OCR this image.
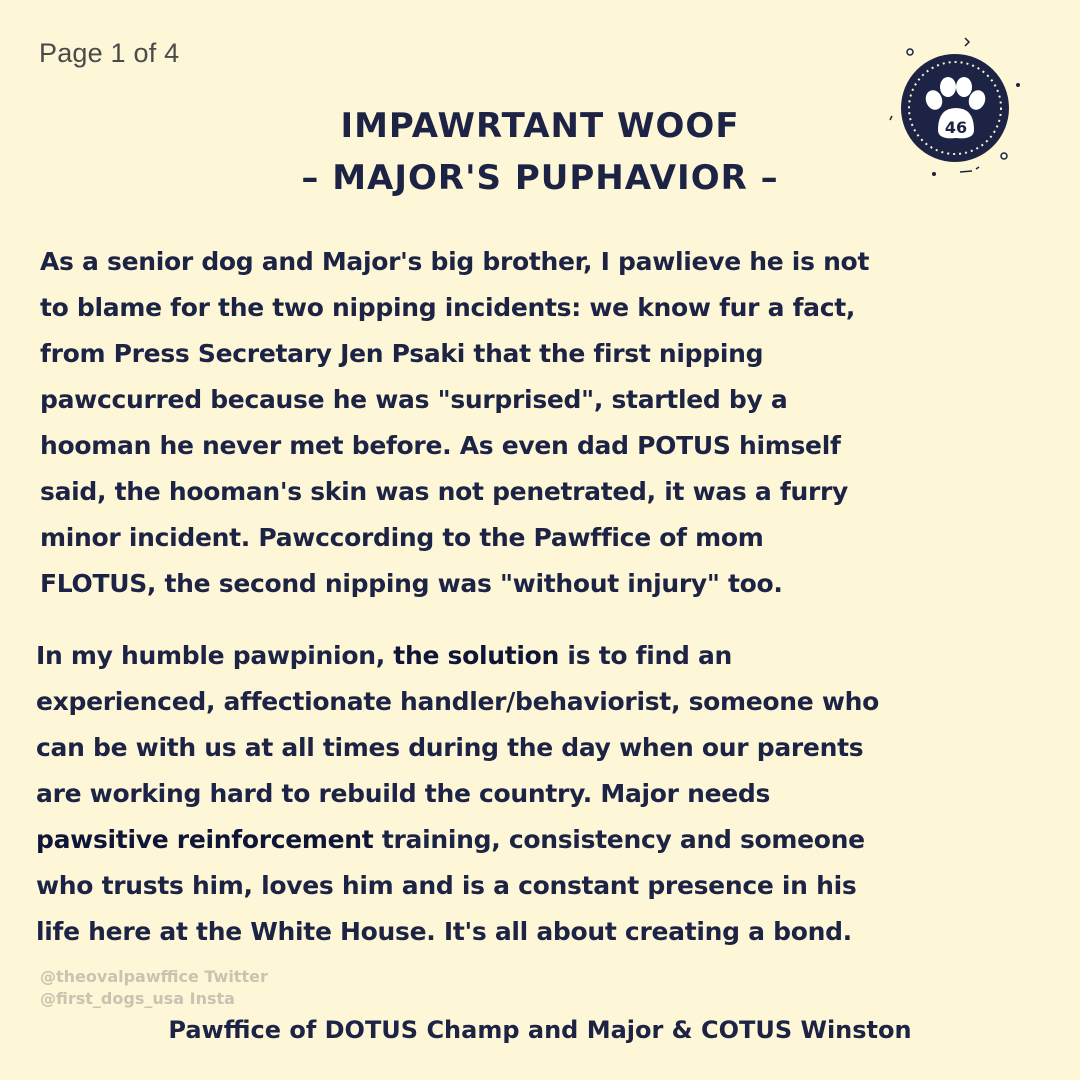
Page 1 of 4
IMPAWRTANT WOOF
– MAJOR'S PUPHAVIOR –
46
As a senior dog and Major's big brother, I pawlieve he is not
to blame for the two nipping incidents: we know fur a fact,
from Press Secretary Jen Psaki that the first nipping
pawccurred because he was "surprised", startled by a
hooman he never met before. As even dad POTUS himself
said, the hooman's skin was not penetrated, it was a furry
minor incident. Pawccording to the Pawffice of mom
FLOTUS, the second nipping was "without injury" too.
In my humble pawpinion, the solution is to find an
experienced, affectionate handler/behaviorist, someone who
can be with us at all times during the day when our parents
are working hard to rebuild the country. Major needs
pawsitive reinforcement training, consistency and someone
who trusts him, loves him and is a constant presence in his
life here at the White House. It's all about creating a bond.
@theovalpawffice Twitter
@first_dogs_usa Insta
Pawffice of DOTUS Champ and Major & COTUS Winston
